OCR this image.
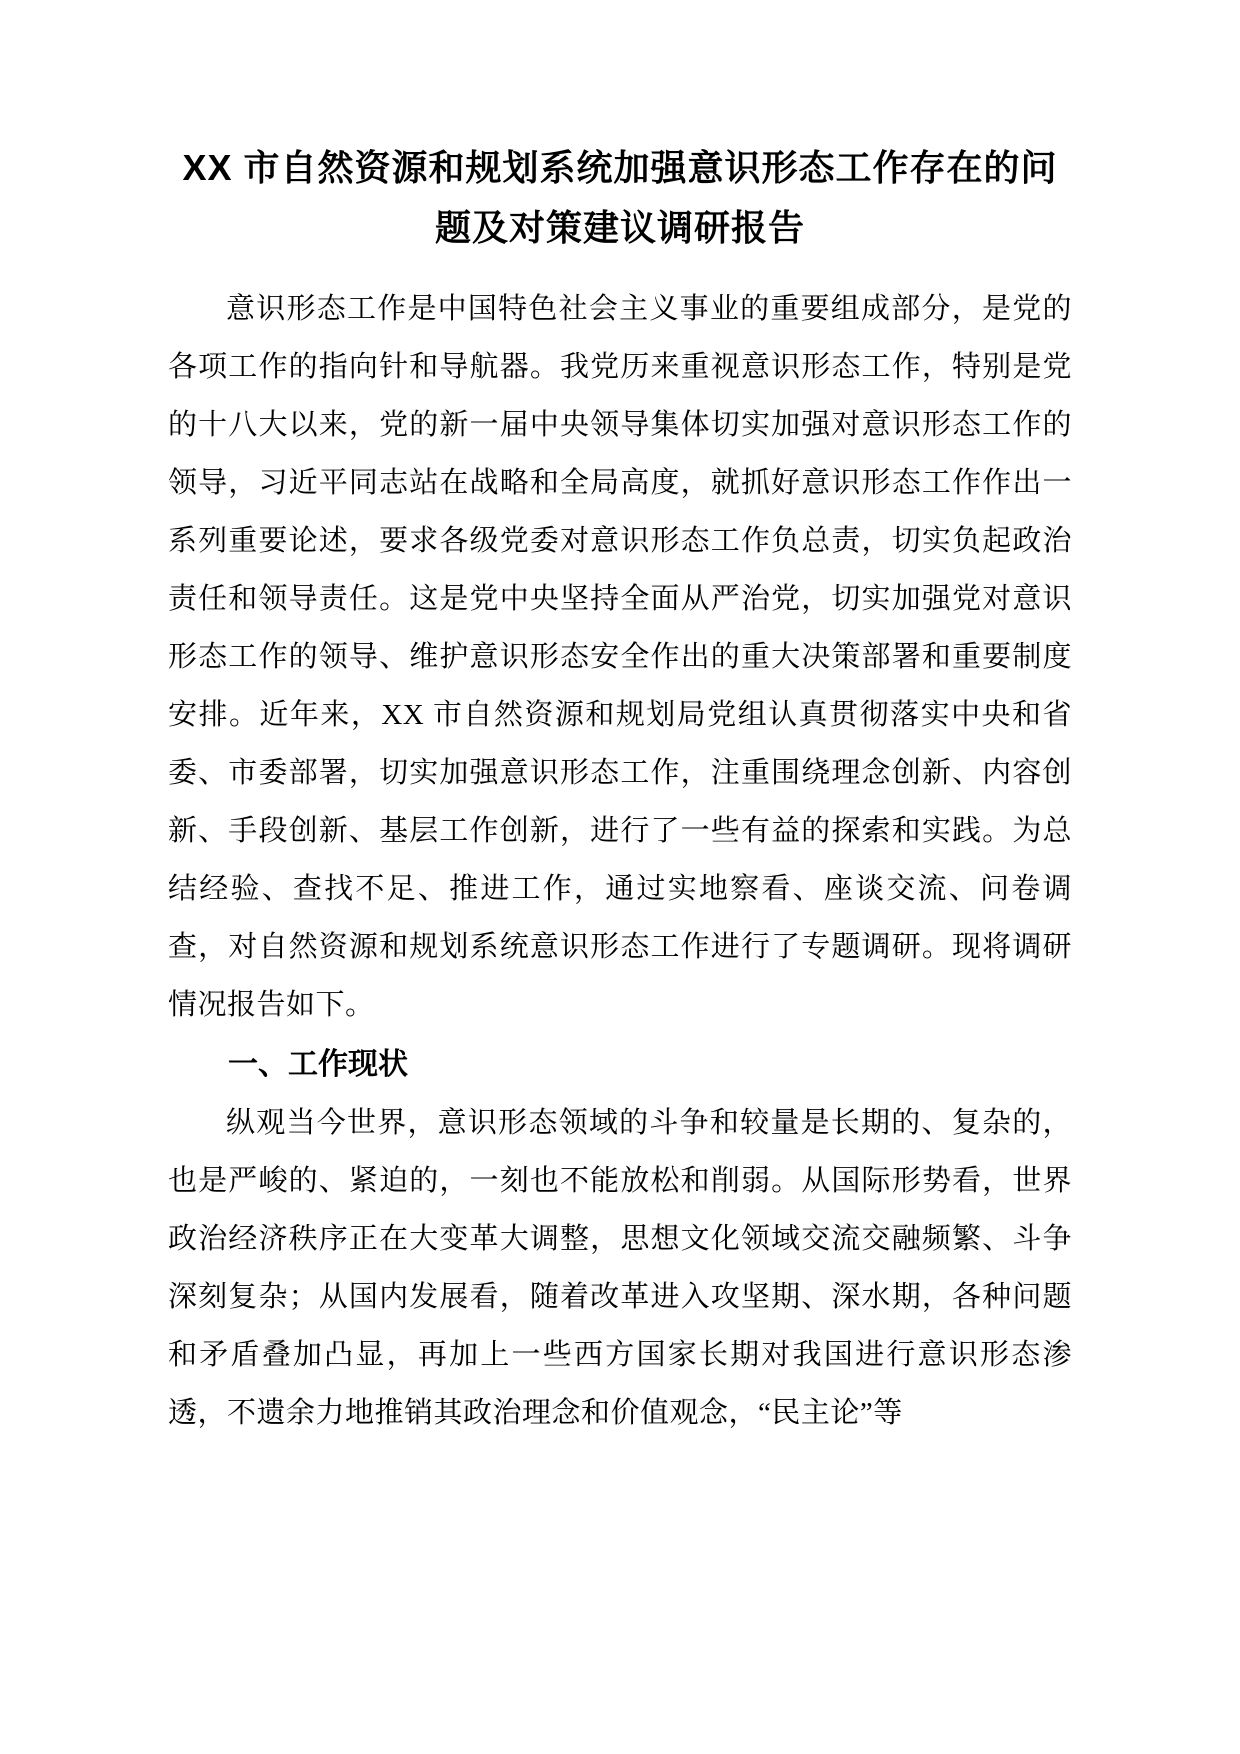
XX 市自然资源和规划系统加强意识形态工作存在的问题及对策建议调研报告

意识形态工作是中国特色社会主义事业的重要组成部分，是党的各项工作的指向针和导航器。我党历来重视意识形态工作，特别是党的十八大以来，党的新一届中央领导集体切实加强对意识形态工作的领导，习近平同志站在战略和全局高度，就抓好意识形态工作作出一系列重要论述，要求各级党委对意识形态工作负总责，切实负起政治责任和领导责任。这是党中央坚持全面从严治党，切实加强党对意识形态工作的领导、维护意识形态安全作出的重大决策部署和重要制度安排。近年来，XX 市自然资源和规划局党组认真贯彻落实中央和省委、市委部署，切实加强意识形态工作，注重围绕理念创新、内容创新、手段创新、基层工作创新，进行了一些有益的探索和实践。为总结经验、查找不足、推进工作，通过实地察看、座谈交流、问卷调查，对自然资源和规划系统意识形态工作进行了专题调研。现将调研情况报告如下。

一、工作现状

纵观当今世界，意识形态领域的斗争和较量是长期的、复杂的，也是严峻的、紧迫的，一刻也不能放松和削弱。从国际形势看，世界政治经济秩序正在大变革大调整，思想文化领域交流交融频繁、斗争深刻复杂；从国内发展看，随着改革进入攻坚期、深水期，各种问题和矛盾叠加凸显，再加上一些西方国家长期对我国进行意识形态渗透，不遗余力地推销其政治理念和价值观念，“民主论”等
